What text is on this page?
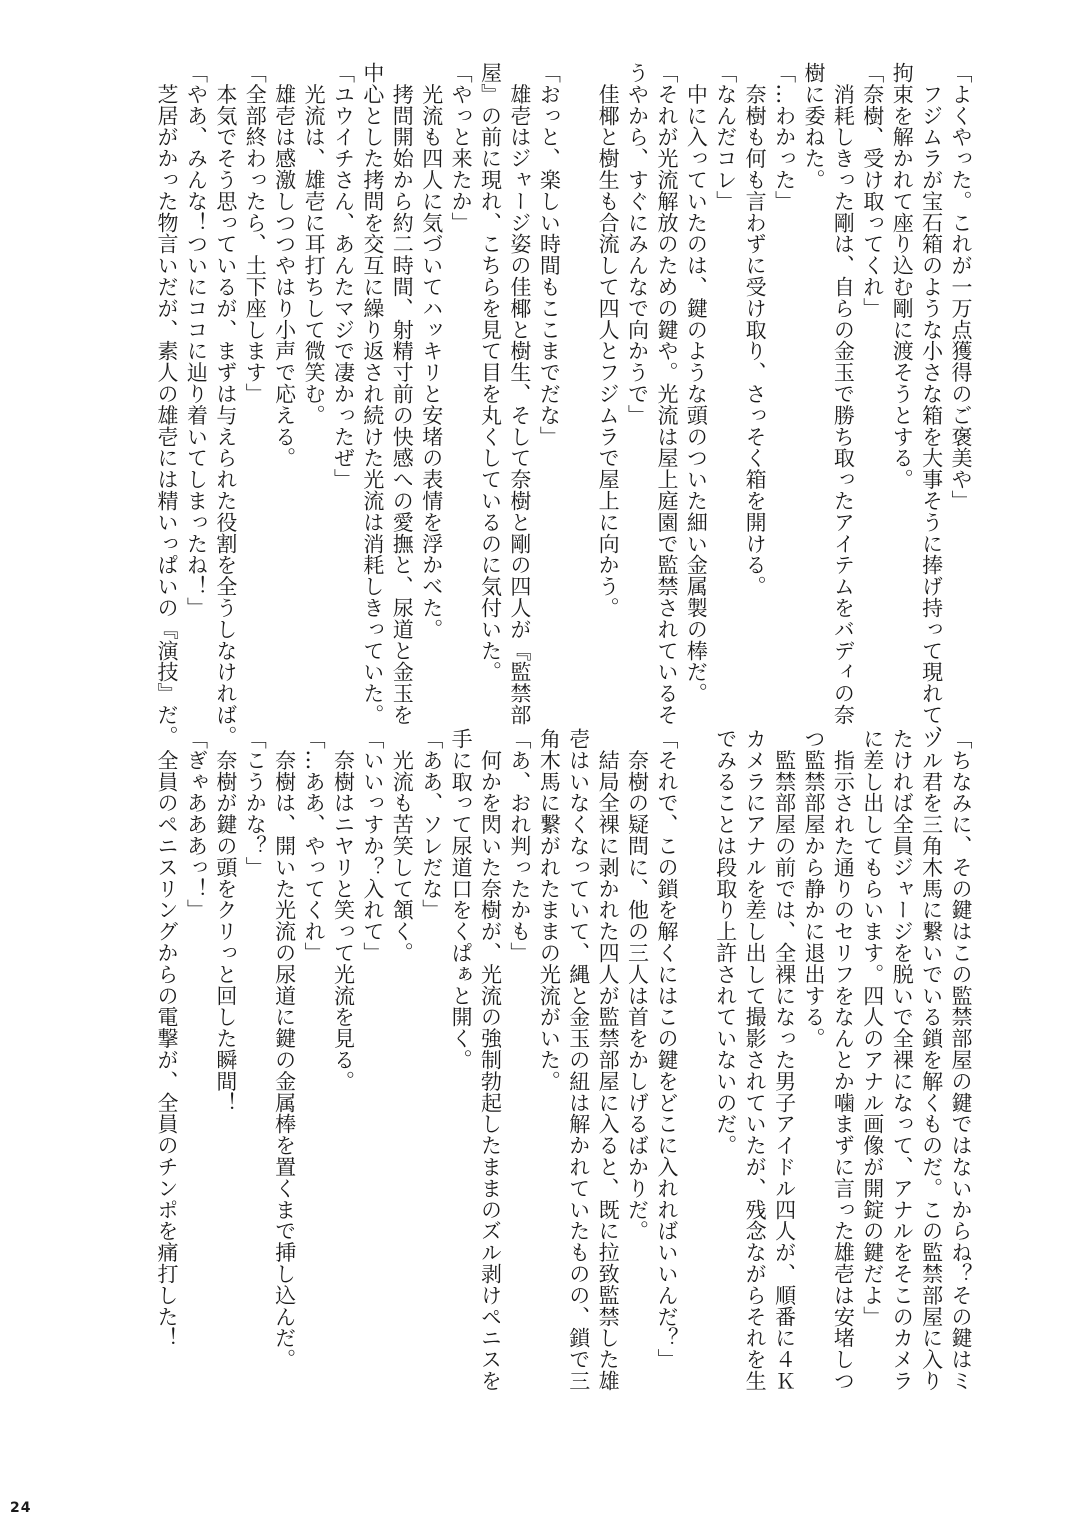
「よくやった。これが一万点獲得のご褒美や」
　フジムラが宝石箱のような小さな箱を大事そうに捧げ持って現れて、
拘束を解かれて座り込む剛に渡そうとする。
「奈樹、受け取ってくれ」
　消耗しきった剛は、自らの金玉で勝ち取ったアイテムをバディの奈
樹に委ねた。
「…わかった」
　奈樹も何も言わずに受け取り、さっそく箱を開ける。
「なんだコレ」
　中に入っていたのは、鍵のような頭のついた細い金属製の棒だ。
「それが光流解放のための鍵や。光流は屋上庭園で監禁されているそ
うやから、すぐにみんなで向かうで」
　佳椰と樹生も合流して四人とフジムラで屋上に向かう。
「おっと、楽しい時間もここまでだな」
　雄壱はジャージ姿の佳椰と樹生、そして奈樹と剛の四人が『監禁部
屋』の前に現れ、こちらを見て目を丸くしているのに気付いた。
「やっと来たか」
　光流も四人に気づいてハッキリと安堵の表情を浮かべた。
　拷問開始から約二時間、射精寸前の快感への愛撫と、尿道と金玉を
中心とした拷問を交互に繰り返され続けた光流は消耗しきっていた。
「ユウイチさん、あんたマジで凄かったぜ」
　光流は、雄壱に耳打ちして微笑む。
　雄壱は感激しつつやはり小声で応える。
「全部終わったら、土下座します」
　本気でそう思っているが、まずは与えられた役割を全うしなければ。
「やあ、みんな！ついにココに辿り着いてしまったね！」
　芝居がかった物言いだが、素人の雄壱には精いっぱいの『演技』だ。
「ちなみに、その鍵はこの監禁部屋の鍵ではないからね？その鍵はミ
ツル君を三角木馬に繋いでいる鎖を解くものだ。この監禁部屋に入り
たければ全員ジャージを脱いで全裸になって、アナルをそこのカメラ
に差し出してもらいます。四人のアナル画像が開錠の鍵だよ」
　指示された通りのセリフをなんとか噛まずに言った雄壱は安堵しつ
つ監禁部屋から静かに退出する。
　監禁部屋の前では、全裸になった男子アイドル四人が、順番に４Ｋ
カメラにアナルを差し出して撮影されていたが、残念ながらそれを生
でみることは段取り上許されていないのだ。
「それで、この鎖を解くにはこの鍵をどこに入れればいいんだ？」
　奈樹の疑問に、他の三人は首をかしげるばかりだ。
　結局全裸に剥かれた四人が監禁部屋に入ると、既に拉致監禁した雄
壱はいなくなっていて、縄と金玉の紐は解かれていたものの、鎖で三
角木馬に繋がれたままの光流がいた。
「あ、おれ判ったかも」
　何かを閃いた奈樹が、光流の強制勃起したままのズル剥けペニスを
手に取って尿道口をくぱぁと開く。
「ああ、ソレだな」
　光流も苦笑して頷く。
「いいっすか？入れて」
　奈樹はニヤリと笑って光流を見る。
「…ああ、やってくれ」
　奈樹は、開いた光流の尿道に鍵の金属棒を置くまで挿し込んだ。
「こうかな？」
　奈樹が鍵の頭をクリっと回した瞬間！
「ぎゃあああっ！」
　全員のペニスリングからの電撃が、全員のチンポを痛打した！
24
